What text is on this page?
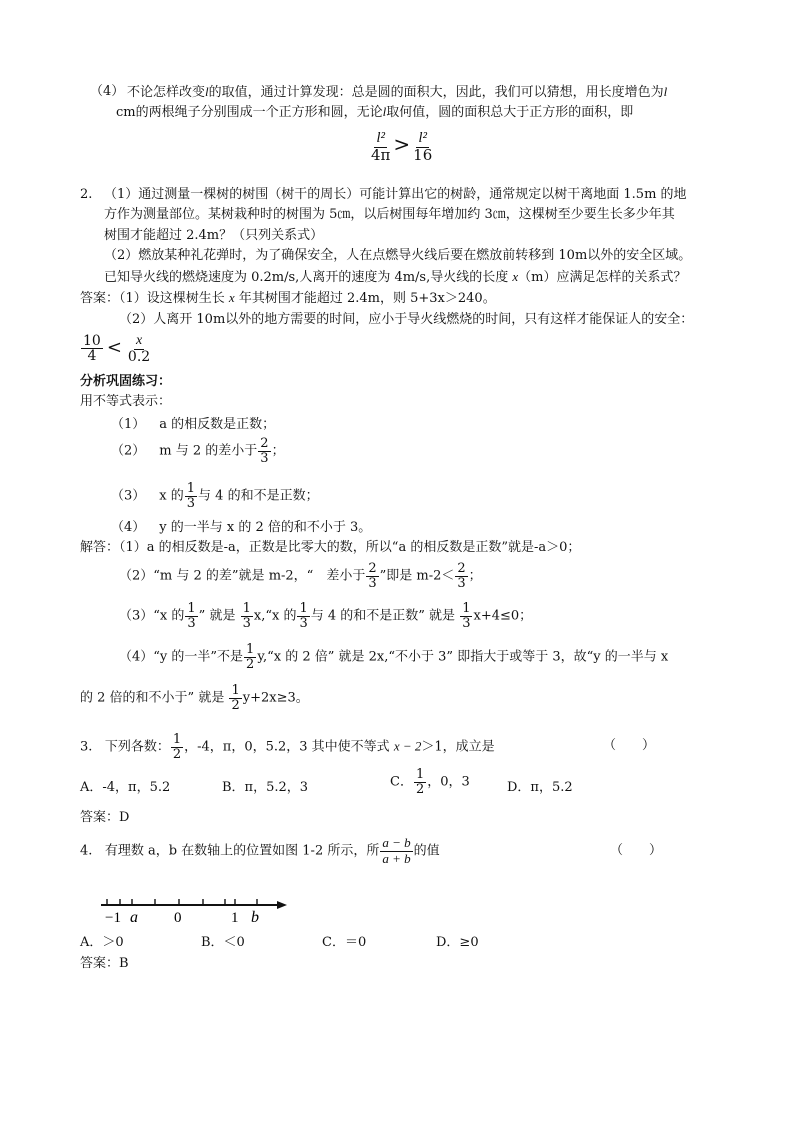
（4） 不论怎样改变l的取值，通过计算发现：总是圆的面积大，因此，我们可以猜想，用长度增色为l
cm的两根绳子分别围成一个正方形和圆，无论l取何值，圆的面积总大于正方形的面积，即
$\frac{\text{l²}}{4\pi} > \frac{\text{l²}}{16}$
2. （1）通过测量一棵树的树围（树干的周长）可能计算出它的树龄，通常规定以树干离地面 1.5m 的地
方作为测量部位。某树栽种时的树围为 5㎝，以后树围每年增加约 3㎝，这棵树至少要生长多少年其
树围才能超过 2.4m？（只列关系式）
（2）燃放某种礼花弹时，为了确保安全，人在点燃导火线后要在燃放前转移到 10m以外的安全区域。
已知导火线的燃烧速度为 0.2m/s,人离开的速度为 4m/s,导火线的长度 x（m）应满足怎样的关系式？
答案：（1）设这棵树生长 x 年其树围才能超过 2.4m，则 5+3x＞240。
（2）人离开 10m以外的地方需要的时间，应小于导火线燃烧的时间，只有这样才能保证人的安全：
$\frac{10}{4} < \frac{x}{0.2}$
分析巩固练习：
用不等式表示：
（1） a 的相反数是正数；
（2） m 与 2 的差小于 $\frac{2}{3}$ ；
（3） x 的 $\frac{1}{3}$ 与 4 的和不是正数；
（4） y 的一半与 x 的 2 倍的和不小于 3。
解答：（1）a 的相反数是-a，正数是比零大的数，所以“a 的相反数是正数”就是-a＞0；
（2）“m 与 2 的差”就是 m-2，“　差小于 $\frac{2}{3}$ ”即是 $m-2< \frac{2}{3}$ ；
（3）“x 的 $\frac{1}{3}$ ” 就是 $\frac{1}{3}$ x,“x 的 $\frac{1}{3}$ 与 4 的和不是正数” 就是 $\frac{1}{3} x+4\le 0$；
（4）“y 的一半”不是 $\frac{1}{2}$ y,“x 的 2 倍” 就是 2x,“不小于 3” 即指大于或等于 3，故“y 的一半与 x
的 2 倍的和不小于” 就是 $\frac{1}{2} y+2x\ge 3$。
3. 下列各数： $\frac{1}{2}$ ，-4，π，0，5.2，3 其中使不等式 x − 2＞1，成立是	（　　）
A．-4，π，5.2	B．π，5.2，3	C． $\frac{1}{2}$ ，0，3	D．π，5.2
答案：D
4. 有理数 a，b 在数轴上的位置如图 1-2 所示，所 $\frac{a - b}{a + b}$ 的值	（　　）
−1 a 0	1 b
A．＞0	B．＜0	C．＝0	D．≥0
答案：B
